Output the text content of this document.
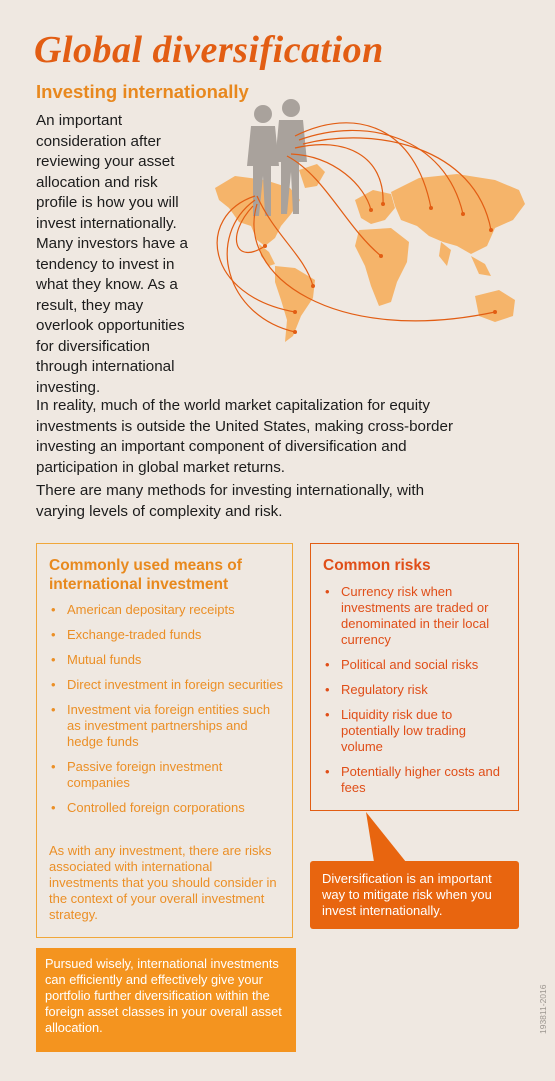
Global diversification
Investing internationally

An important consideration after reviewing your asset allocation and risk profile is how you will invest internationally.

Many investors have a tendency to invest in what they know. As a result, they may overlook opportunities for diversification through international investing.

In reality, much of the world market capitalization for equity investments is outside the United States, making cross-border investing an important component of diversification and participation in global market returns.

There are many methods for investing internationally, with varying levels of complexity and risk.

Commonly used means of international investment
• American depositary receipts
• Exchange-traded funds
• Mutual funds
• Direct investment in foreign securities
• Investment via foreign entities such as investment partnerships and hedge funds
• Passive foreign investment companies
• Controlled foreign corporations

As with any investment, there are risks associated with international investments that you should consider in the context of your overall investment strategy.

Common risks
• Currency risk when investments are traded or denominated in their local currency
• Political and social risks
• Regulatory risk
• Liquidity risk due to potentially low trading volume
• Potentially higher costs and fees

Diversification is an important way to mitigate risk when you invest internationally.

Pursued wisely, international investments can efficiently and effectively give your portfolio further diversification within the foreign asset classes in your overall asset allocation.	193811-2016
